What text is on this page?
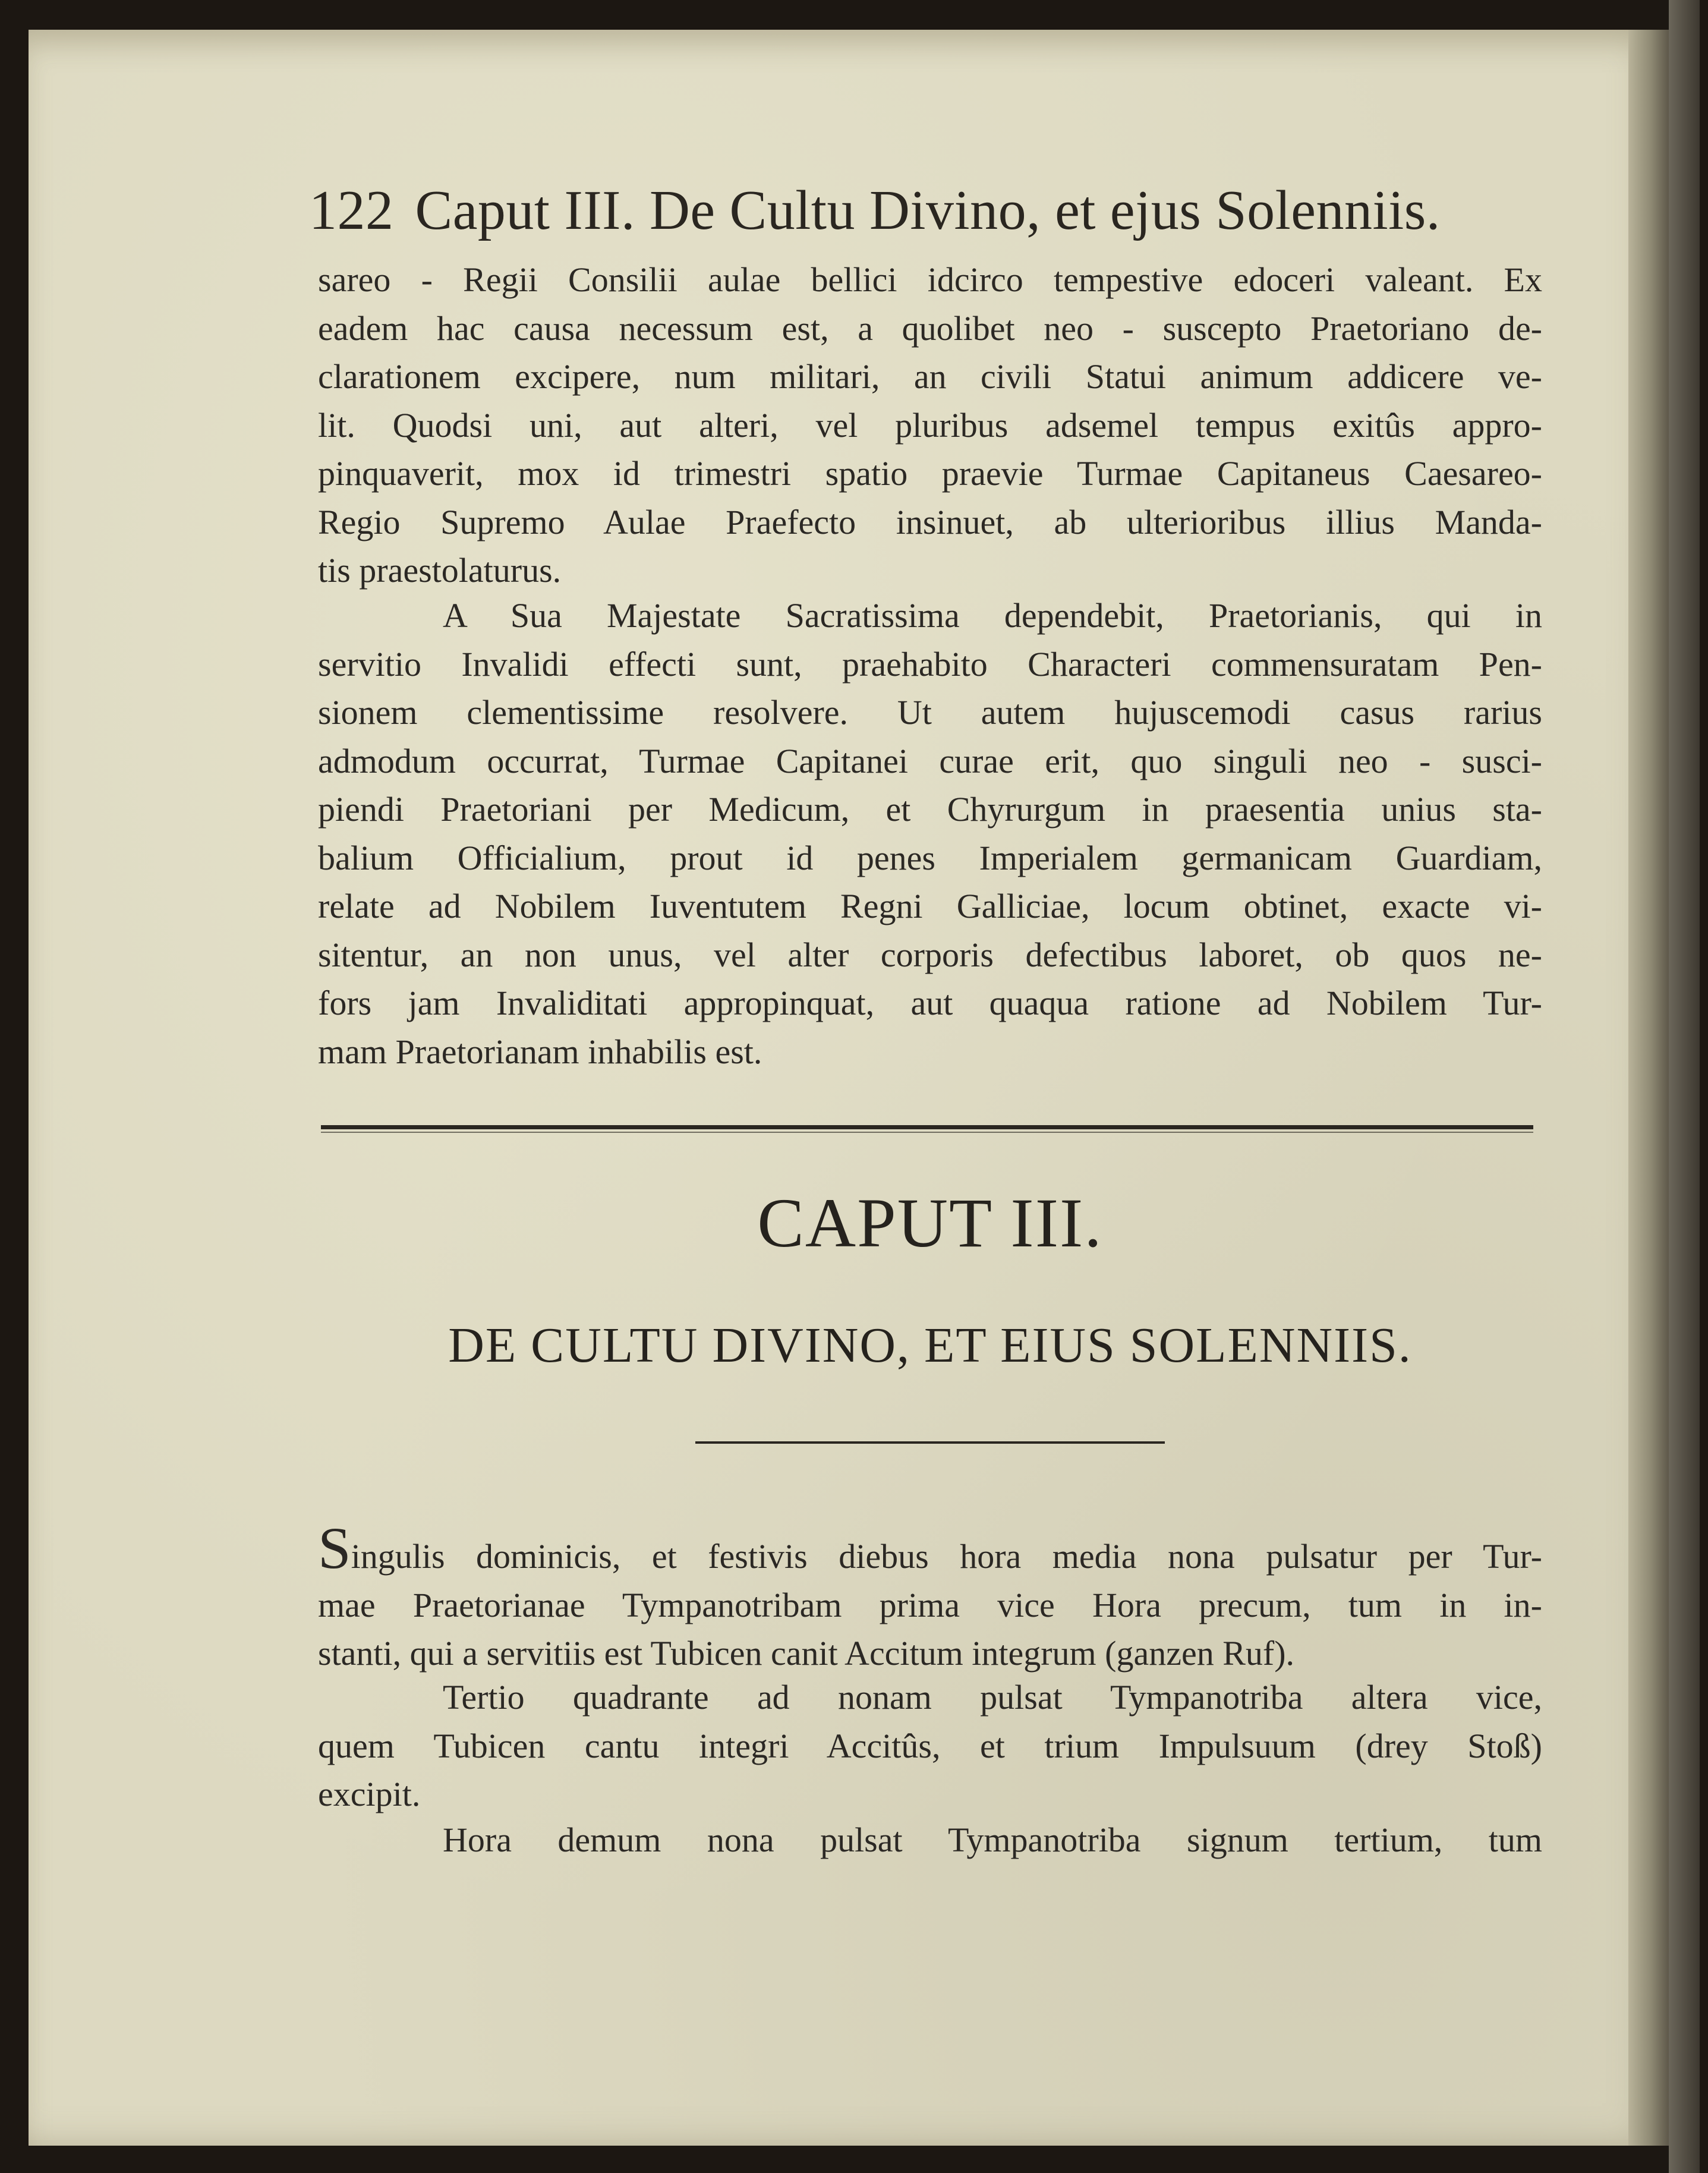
122 Caput III. De Cultu Divino, et ejus Solenniis.

sareo - Regii Consilii aulae bellici idcirco tempestive edoceri valeant. Ex

eadem hac causa necessum est, a quolibet neo - suscepto Praetoriano de-

clarationem excipere, num militari, an civili Statui animum addicere ve-

lit. Quodsi uni, aut alteri, vel pluribus adsemel tempus exitûs appro-

pinquaverit, mox id trimestri spatio praevie Turmae Capitaneus Caesareo-

Regio Supremo Aulae Praefecto insinuet, ab ulterioribus illius Manda-

tis praestolaturus.

A Sua Majestate Sacratissima dependebit, Praetorianis, qui in

servitio Invalidi effecti sunt, praehabito Characteri commensuratam Pen-

sionem clementissime resolvere. Ut autem hujuscemodi casus rarius

admodum occurrat, Turmae Capitanei curae erit, quo singuli neo - susci-

piendi Praetoriani per Medicum, et Chyrurgum in praesentia unius sta-

balium Officialium, prout id penes Imperialem germanicam Guardiam,

relate ad Nobilem Iuventutem Regni Galliciae, locum obtinet, exacte vi-

sitentur, an non unus, vel alter corporis defectibus laboret, ob quos ne-

fors jam Invaliditati appropinquat, aut quaqua ratione ad Nobilem Tur-

mam Praetorianam inhabilis est.

CAPUT III.
DE CULTU DIVINO, ET EIUS SOLENNIIS.

Singulis dominicis, et festivis diebus hora media nona pulsatur per Tur-

mae Praetorianae Tympanotribam prima vice Hora precum, tum in in-

stanti, qui a servitiis est Tubicen canit Accitum integrum (ganzen Ruf).

Tertio quadrante ad nonam pulsat Tympanotriba altera vice,

quem Tubicen cantu integri Accitûs, et trium Impulsuum (drey Stoß)

excipit.

Hora demum nona pulsat Tympanotriba signum tertium, tum
